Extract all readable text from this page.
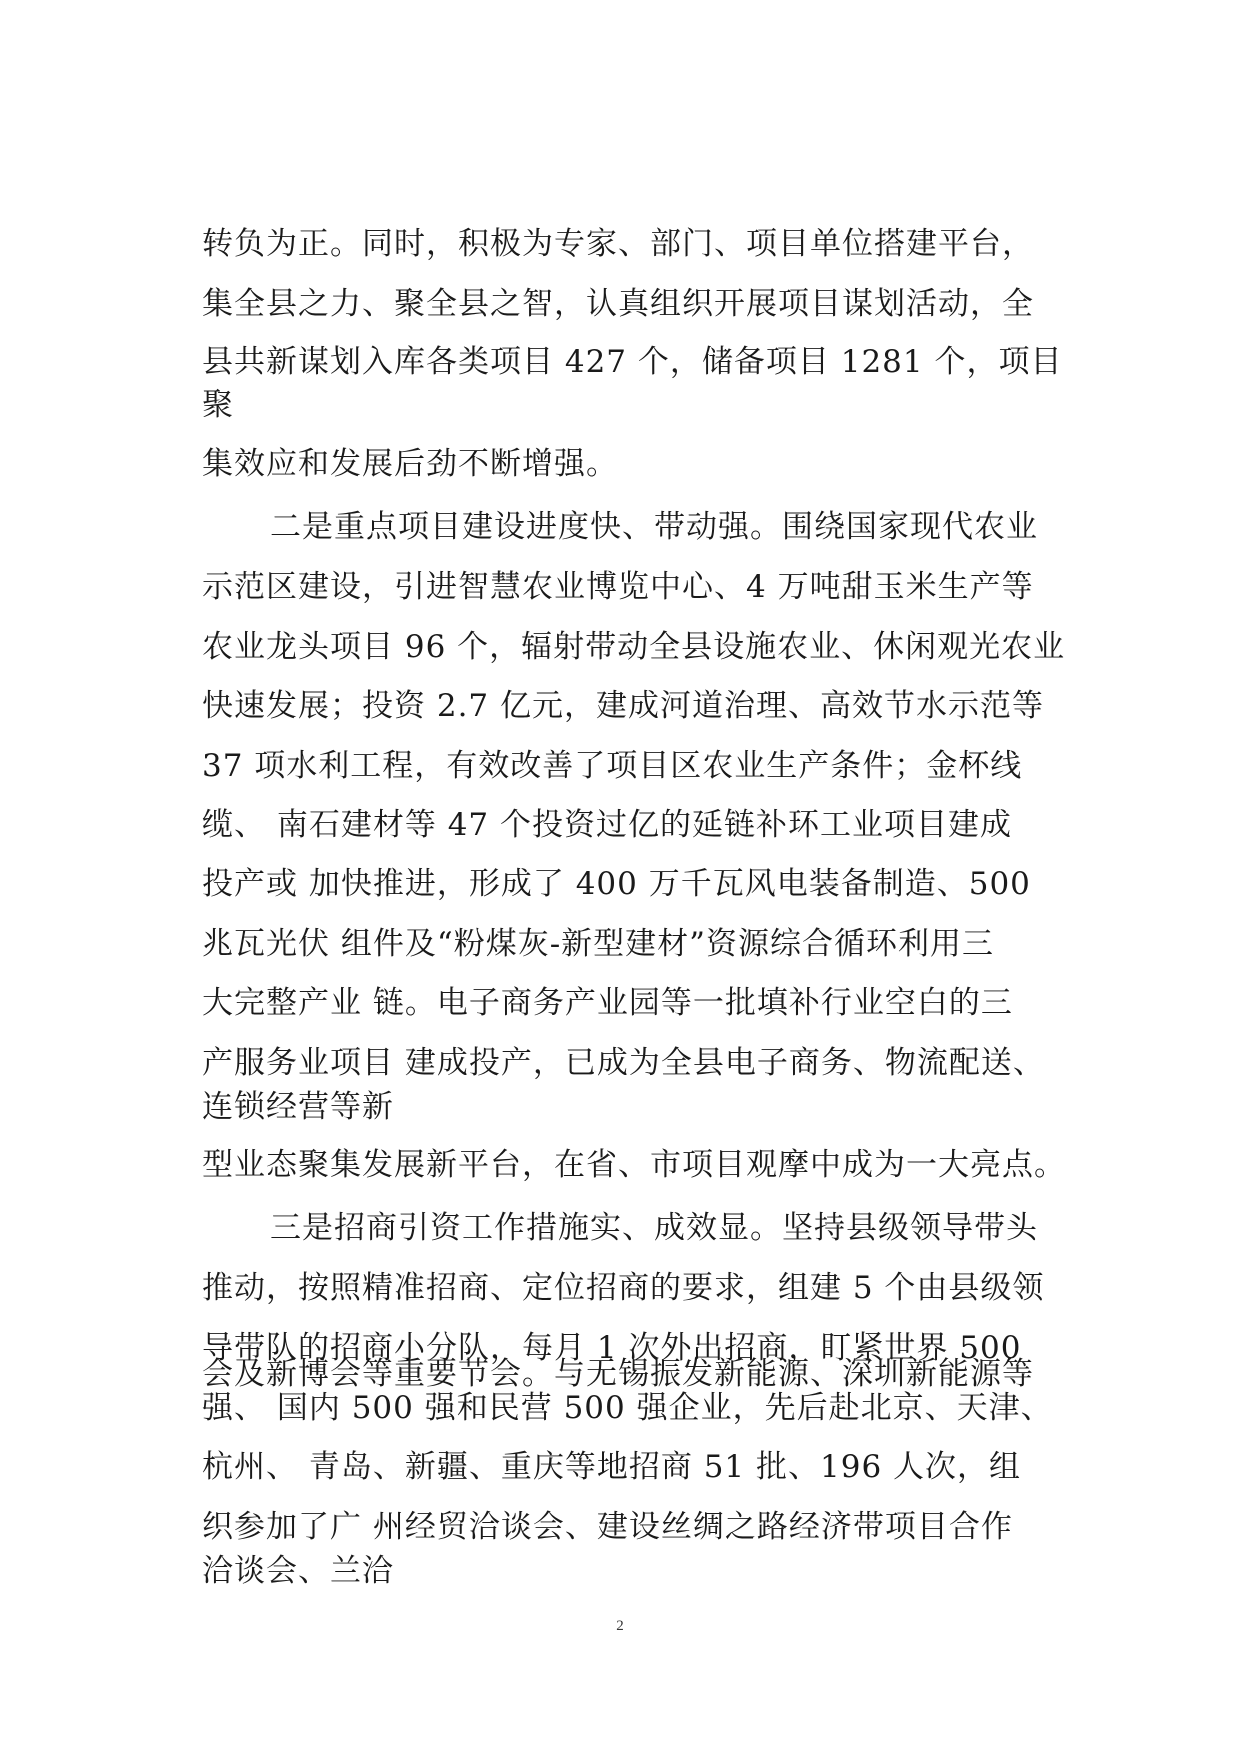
转负为正。同时，积极为专家、部门、项目单位搭建平台，
集全县之力、聚全县之智，认真组织开展项目谋划活动，全
县共新谋划入库各类项目 427 个，储备项目 1281 个，项目
聚
集效应和发展后劲不断增强。
二是重点项目建设进度快、带动强。围绕国家现代农业
示范区建设，引进智慧农业博览中心、4 万吨甜玉米生产等
农业龙头项目 96 个，辐射带动全县设施农业、休闲观光农业
快速发展；投资 2.7 亿元，建成河道治理、高效节水示范等
37 项水利工程，有效改善了项目区农业生产条件；金杯线
缆、 南石建材等 47 个投资过亿的延链补环工业项目建成
投产或 加快推进，形成了 400 万千瓦风电装备制造、500
兆瓦光伏 组件及“粉煤灰-新型建材”资源综合循环利用三
大完整产业 链。电子商务产业园等一批填补行业空白的三
产服务业项目 建成投产，已成为全县电子商务、物流配送、
连锁经营等新
型业态聚集发展新平台，在省、市项目观摩中成为一大亮点。
三是招商引资工作措施实、成效显。坚持县级领导带头
推动，按照精准招商、定位招商的要求，组建 5 个由县级领
导带队的招商小分队，每月 1 次外出招商，盯紧世界 500
强、 国内 500 强和民营 500 强企业，先后赴北京、天津、
杭州、 青岛、新疆、重庆等地招商 51 批、196 人次，组
织参加了广 州经贸洽谈会、建设丝绸之路经济带项目合作
洽谈会、兰洽
会及新博会等重要节会。与无锡振发新能源、深圳新能源等
2
